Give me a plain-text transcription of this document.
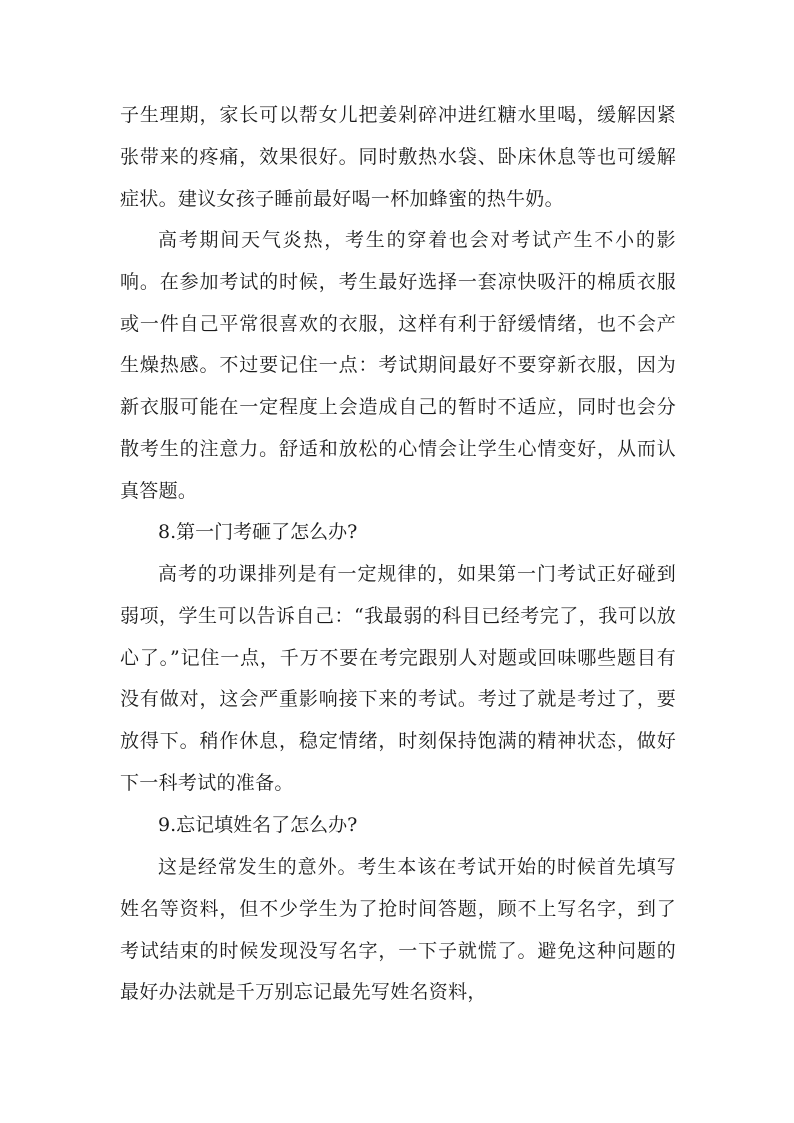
子生理期，家长可以帮女儿把姜剁碎冲进红糖水里喝，缓解因紧张带来的疼痛，效果很好。同时敷热水袋、卧床休息等也可缓解症状。建议女孩子睡前最好喝一杯加蜂蜜的热牛奶。

高考期间天气炎热，考生的穿着也会对考试产生不小的影响。在参加考试的时候，考生最好选择一套凉快吸汗的棉质衣服或一件自己平常很喜欢的衣服，这样有利于舒缓情绪，也不会产生燥热感。不过要记住一点：考试期间最好不要穿新衣服，因为新衣服可能在一定程度上会造成自己的暂时不适应，同时也会分散考生的注意力。舒适和放松的心情会让学生心情变好，从而认真答题。

8.第一门考砸了怎么办?

高考的功课排列是有一定规律的，如果第一门考试正好碰到弱项，学生可以告诉自己：“我最弱的科目已经考完了，我可以放心了。”记住一点，千万不要在考完跟别人对题或回味哪些题目有没有做对，这会严重影响接下来的考试。考过了就是考过了，要放得下。稍作休息，稳定情绪，时刻保持饱满的精神状态，做好下一科考试的准备。

9.忘记填姓名了怎么办?

这是经常发生的意外。考生本该在考试开始的时候首先填写姓名等资料，但不少学生为了抢时间答题，顾不上写名字，到了考试结束的时候发现没写名字，一下子就慌了。避免这种问题的最好办法就是千万别忘记最先写姓名资料，
